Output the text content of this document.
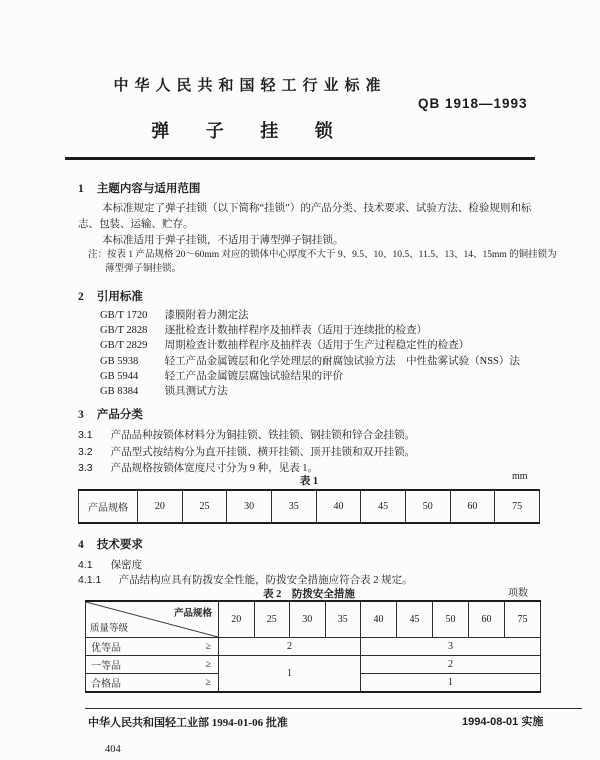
中华人民共和国轻工行业标准
QB 1918—1993
弹 子 挂 锁
1 主题内容与适用范围
本标准规定了弹子挂锁（以下简称“挂锁”）的产品分类、技术要求、试验方法、检验规则和标志、包装、运输、贮存。
本标准适用于弹子挂锁，不适用于薄型弹子铜挂锁。
注：按表 1 产品规格 20～60mm 对应的锁体中心厚度不大于 9、9.5、10、10.5、11.5、13、14、15mm 的铜挂锁为薄型弹子铜挂锁。
2 引用标准
GB/T 1720 漆膜附着力测定法
GB/T 2828 逐批检查计数抽样程序及抽样表（适用于连续批的检查）
GB/T 2829 周期检查计数抽样程序及抽样表（适用于生产过程稳定性的检查）
GB 5938	轻工产品金属镀层和化学处理层的耐腐蚀试验方法　中性盐雾试验（NSS）法
GB 5944	轻工产品金属镀层腐蚀试验结果的评价
GB 8384	锁具测试方法
3 产品分类
3.1 产品品种按锁体材料分为铜挂锁、铁挂锁、钢挂锁和锌合金挂锁。
3.2 产品型式按结构分为直开挂锁、横开挂锁、顶开挂锁和双开挂锁。
3.3 产品规格按锁体宽度尺寸分为 9 种，见表 1。
表 1	mm
产品规格	20	25	30	35	40	45	50	60	75
4 技术要求
4.1 保密度
4.1.1 产品结构应具有防拨安全性能，防拨安全措施应符合表 2 规定。
表 2　防拨安全措施	项数
产品规格
质量等级	20	25	30	35	40	45	50	60	75

优等品 ≥	2				3				

一等品 ≥	1				2				

合格品 ≥					1				
中华人民共和国轻工业部 1994-01-06 批准	1994-08-01 实施
404
